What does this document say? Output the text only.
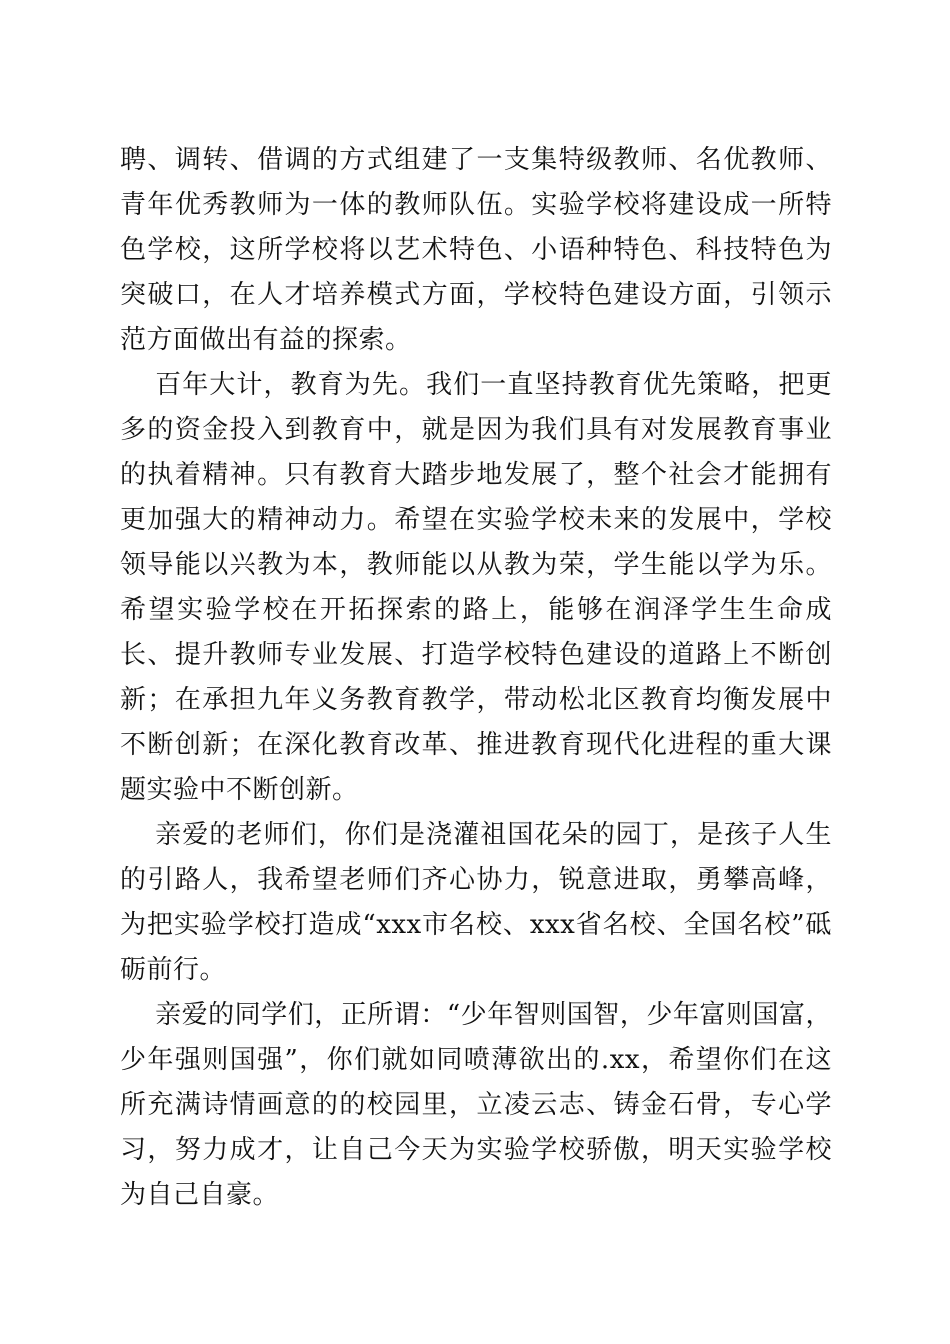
聘、调转、借调的方式组建了一支集特级教师、名优教师、青年优秀教师为一体的教师队伍。实验学校将建设成一所特色学校，这所学校将以艺术特色、小语种特色、科技特色为突破口，在人才培养模式方面，学校特色建设方面，引领示范方面做出有益的探索。

百年大计，教育为先。我们一直坚持教育优先策略，把更多的资金投入到教育中，就是因为我们具有对发展教育事业的执着精神。只有教育大踏步地发展了，整个社会才能拥有更加强大的精神动力。希望在实验学校未来的发展中，学校领导能以兴教为本，教师能以从教为荣，学生能以学为乐。希望实验学校在开拓探索的路上，能够在润泽学生生命成长、提升教师专业发展、打造学校特色建设的道路上不断创新；在承担九年义务教育教学，带动松北区教育均衡发展中不断创新；在深化教育改革、推进教育现代化进程的重大课题实验中不断创新。

亲爱的老师们，你们是浇灌祖国花朵的园丁，是孩子人生的引路人，我希望老师们齐心协力，锐意进取，勇攀高峰，为把实验学校打造成“xxx市名校、xxx省名校、全国名校”砥砺前行。

亲爱的同学们，正所谓：“少年智则国智，少年富则国富，少年强则国强”，你们就如同喷薄欲出的.xx，希望你们在这所充满诗情画意的的校园里，立凌云志、铸金石骨，专心学习，努力成才，让自己今天为实验学校骄傲，明天实验学校为自己自豪。
